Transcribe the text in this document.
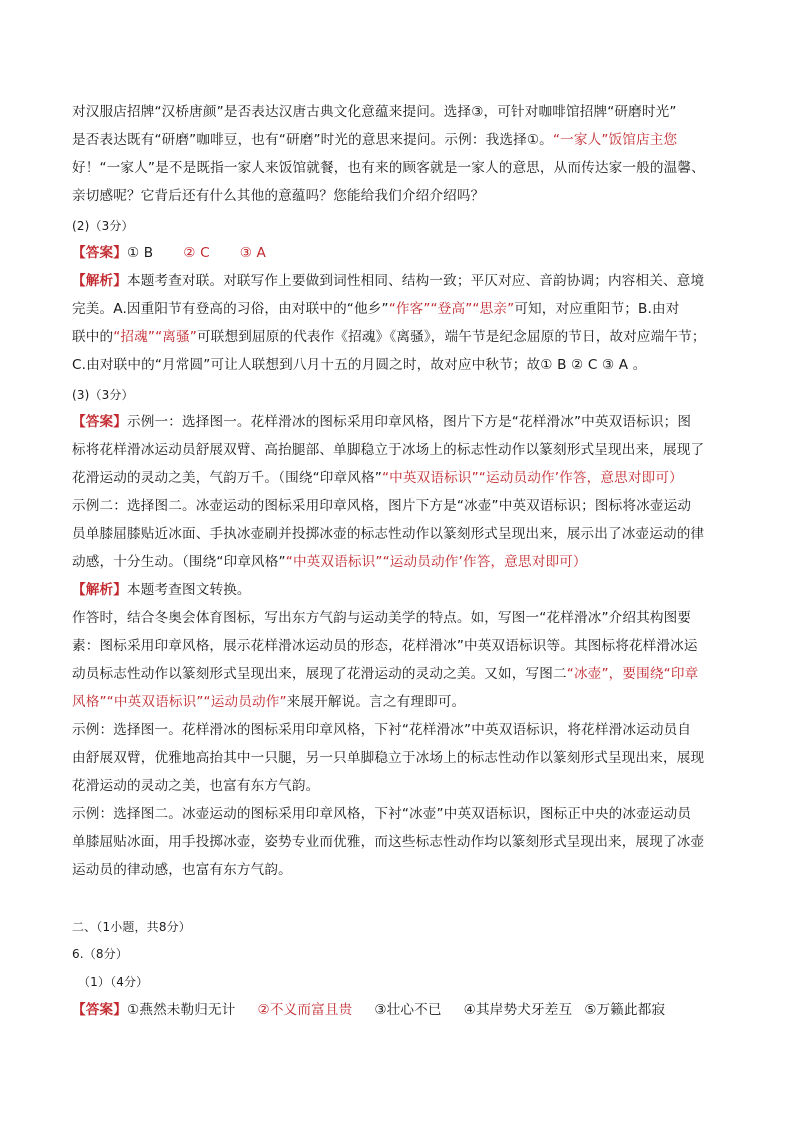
对汉服店招牌“汉桥唐颜”是否表达汉唐古典文化意蕴来提问。选择③，可针对咖啡馆招牌“研磨时光”
是否表达既有“研磨”咖啡豆，也有“研磨”时光的意思来提问。示例：我选择①。“一家人”饭馆店主您
好！“一家人”是不是既指一家人来饭馆就餐，也有来的顾客就是一家人的意思，从而传达家一般的温馨、
亲切感呢？它背后还有什么其他的意蕴吗？您能给我们介绍介绍吗？
(2)（3分）
【答案】① B ② C ③ A
【解析】本题考查对联。对联写作上要做到词性相同、结构一致；平仄对应、音韵协调；内容相关、意境
完美。A.因重阳节有登高的习俗，由对联中的“他乡”“作客”“登高”“思亲”可知，对应重阳节；B.由对
联中的“招魂”“离骚”可联想到屈原的代表作《招魂》《离骚》，端午节是纪念屈原的节日，故对应端午节；
C.由对联中的“月常圆”可让人联想到八月十五的月圆之时，故对应中秋节；故① B ② C ③ A 。
(3)（3分）
【答案】示例一：选择图一。花样滑冰的图标采用印章风格，图片下方是“花样滑冰”中英双语标识；图
标将花样滑冰运动员舒展双臂、高抬腿部、单脚稳立于冰场上的标志性动作以篆刻形式呈现出来，展现了
花滑运动的灵动之美，气韵万千。（围绕“印章风格”“中英双语标识”“运动员动作’作答，意思对即可）
示例二：选择图二。冰壶运动的图标采用印章风格，图片下方是“冰壶”中英双语标识；图标将冰壶运动
员单膝屈膝贴近冰面、手执冰壶刷并投掷冰壶的标志性动作以篆刻形式呈现出来，展示出了冰壶运动的律
动感，十分生动。（围绕“印章风格”“中英双语标识”“运动员动作’作答，意思对即可）
【解析】本题考查图文转换。
作答时，结合冬奥会体育图标，写出东方气韵与运动美学的特点。如，写图一“花样滑冰”介绍其构图要
素：图标采用印章风格，展示花样滑冰运动员的形态，花样滑冰”中英双语标识等。其图标将花样滑冰运
动员标志性动作以篆刻形式呈现出来，展现了花滑运动的灵动之美。又如，写图二“冰壶”，要围绕“印章
风格”“中英双语标识”“运动员动作”来展开解说。言之有理即可。
示例：选择图一。花样滑冰的图标采用印章风格，下衬“花样滑冰”中英双语标识，将花样滑冰运动员自
由舒展双臂，优雅地高抬其中一只腿，另一只单脚稳立于冰场上的标志性动作以篆刻形式呈现出来，展现
花滑运动的灵动之美，也富有东方气韵。
示例：选择图二。冰壶运动的图标采用印章风格，下衬“冰壶”中英双语标识，图标正中央的冰壶运动员
单膝屈贴冰面，用手投掷冰壶，姿势专业而优雅，而这些标志性动作均以篆刻形式呈现出来，展现了冰壶
运动员的律动感，也富有东方气韵。
二、（1小题，共8分）
6.（8分）
（1）（4分）
【答案】①燕然未勒归无计 ②不义而富且贵 ③壮心不已 ④其岸势犬牙差互 ⑤万籁此都寂
